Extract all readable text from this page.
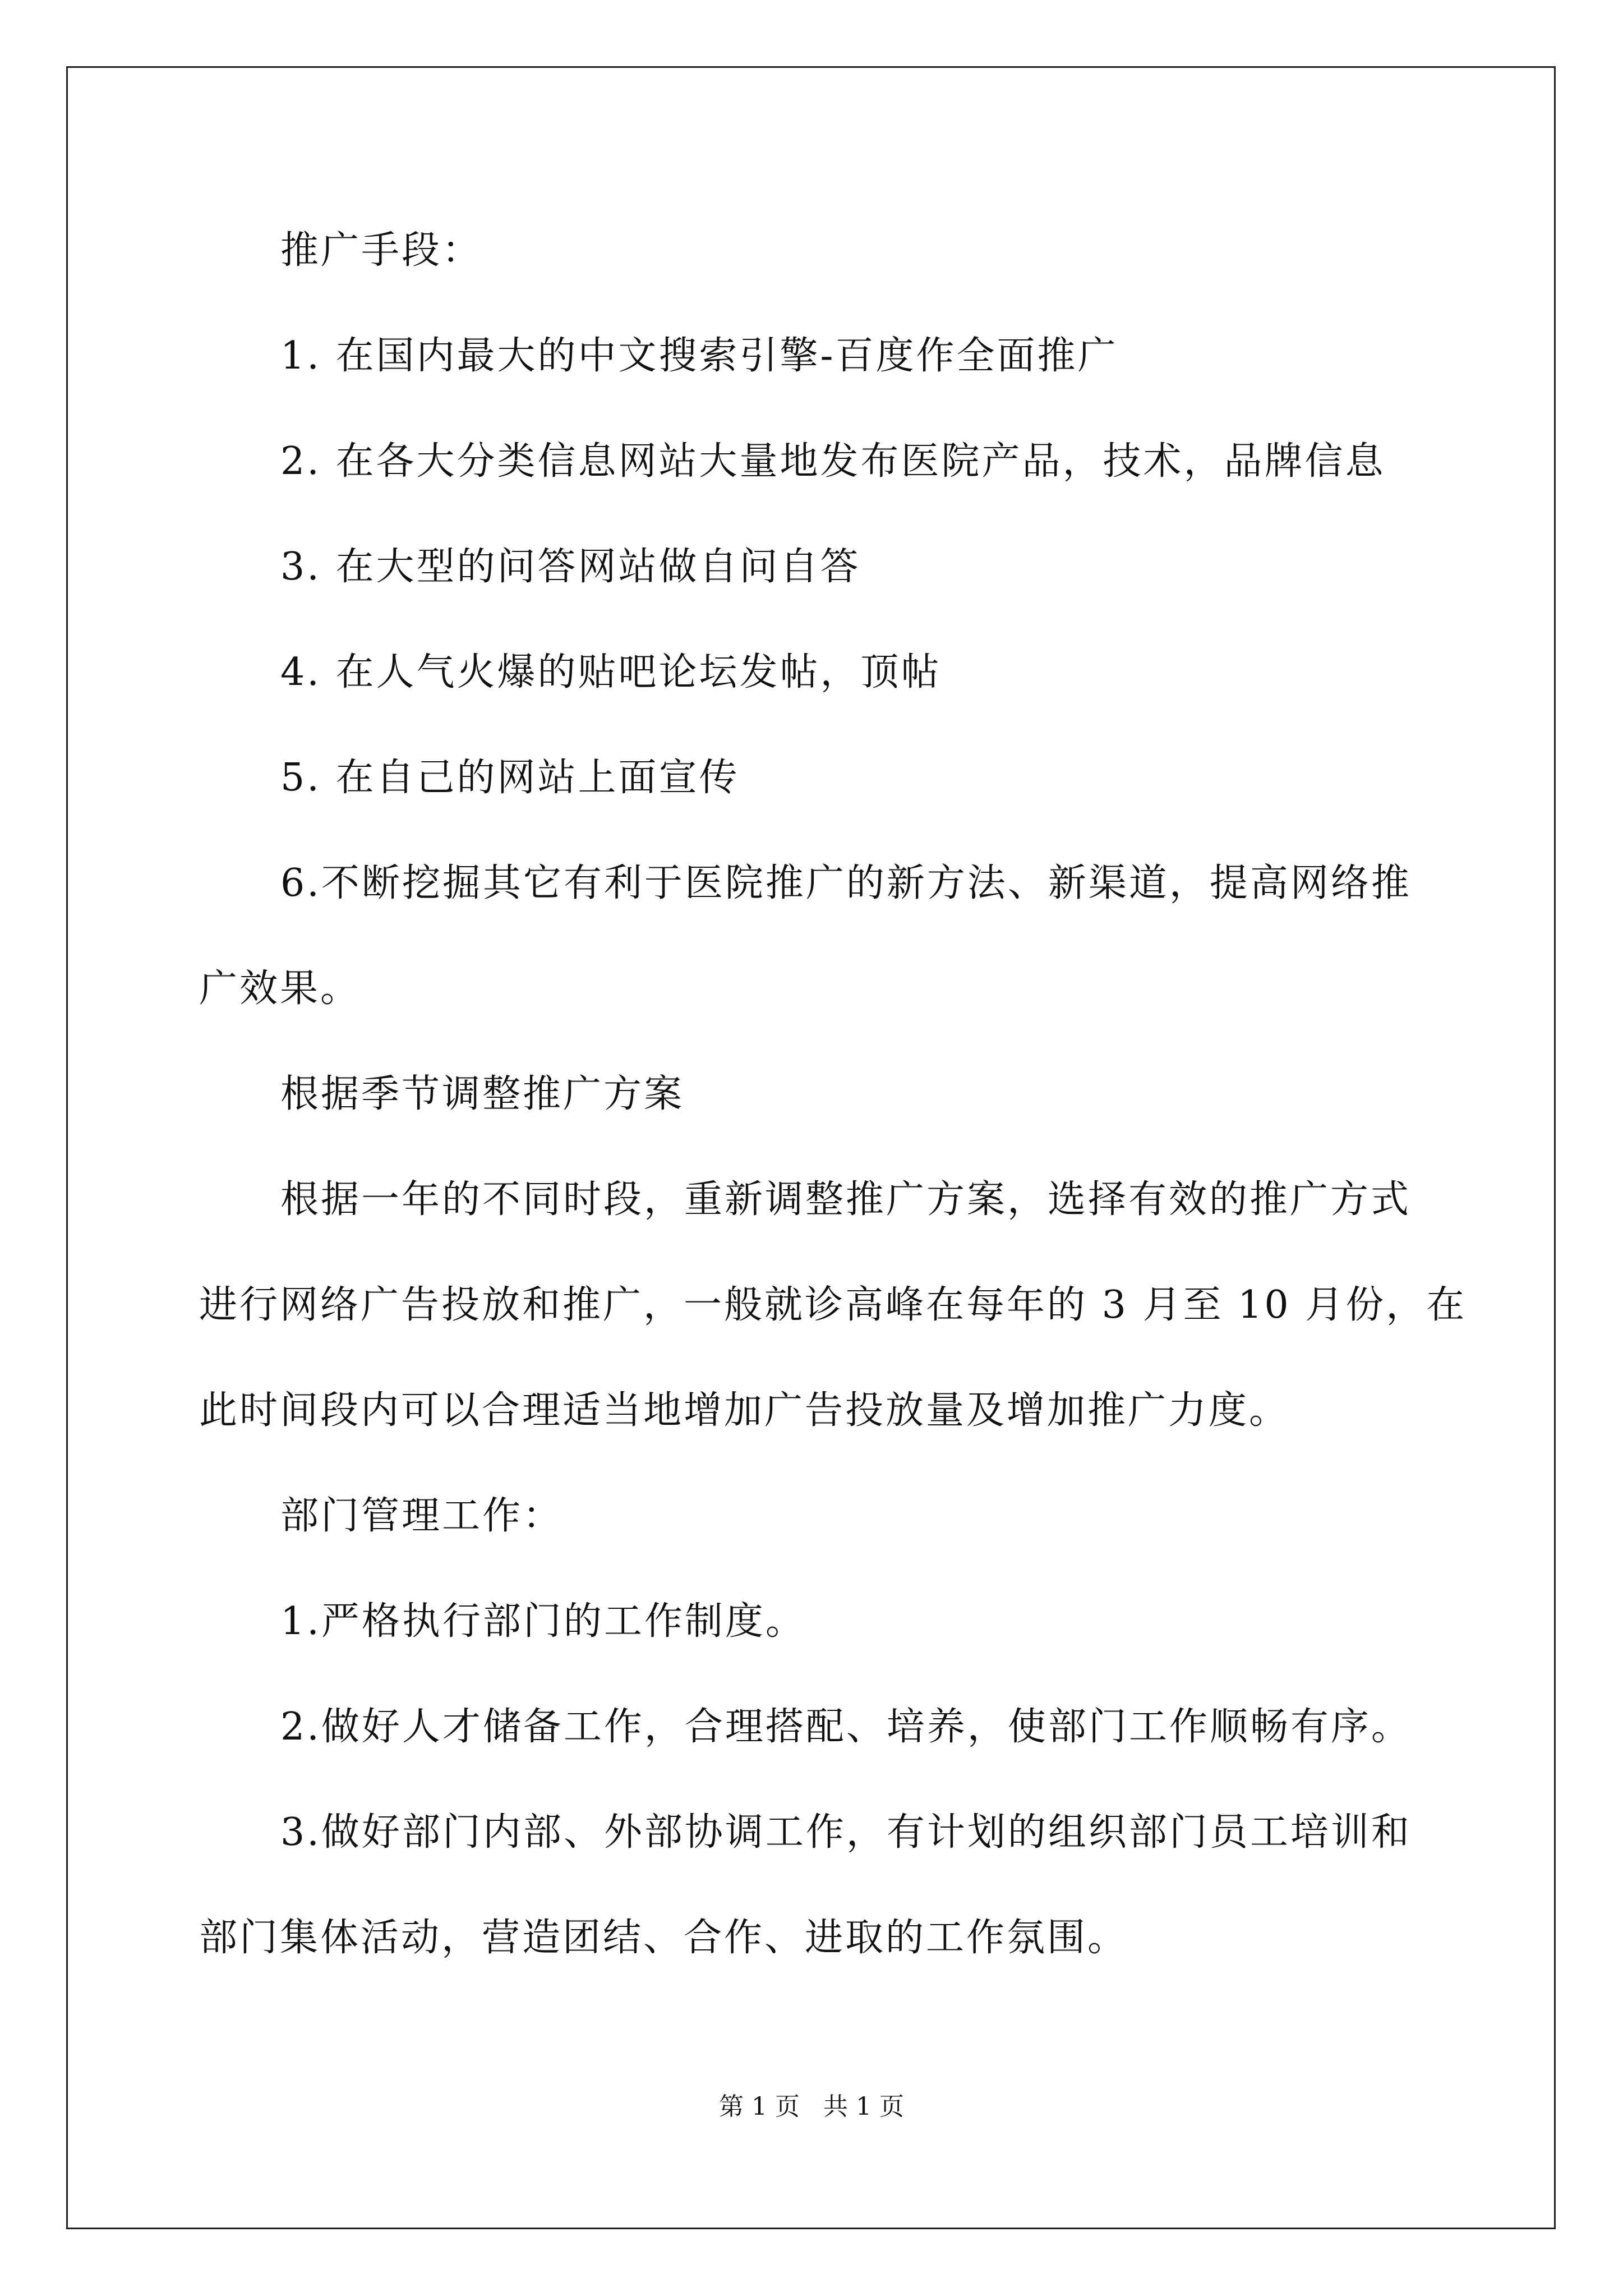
推广手段：
1. 在国内最大的中文搜索引擎-百度作全面推广
2. 在各大分类信息网站大量地发布医院产品，技术，品牌信息
3. 在大型的问答网站做自问自答
4. 在人气火爆的贴吧论坛发帖，顶帖
5. 在自己的网站上面宣传
6.不断挖掘其它有利于医院推广的新方法、新渠道，提高网络推
广效果。
根据季节调整推广方案
根据一年的不同时段，重新调整推广方案，选择有效的推广方式
进行网络广告投放和推广，一般就诊高峰在每年的 3 月至 10 月份，在
此时间段内可以合理适当地增加广告投放量及增加推广力度。
部门管理工作：
1.严格执行部门的工作制度。
2.做好人才储备工作，合理搭配、培养，使部门工作顺畅有序。
3.做好部门内部、外部协调工作，有计划的组织部门员工培训和
部门集体活动，营造团结、合作、进取的工作氛围。
第 1 页 共 1 页
